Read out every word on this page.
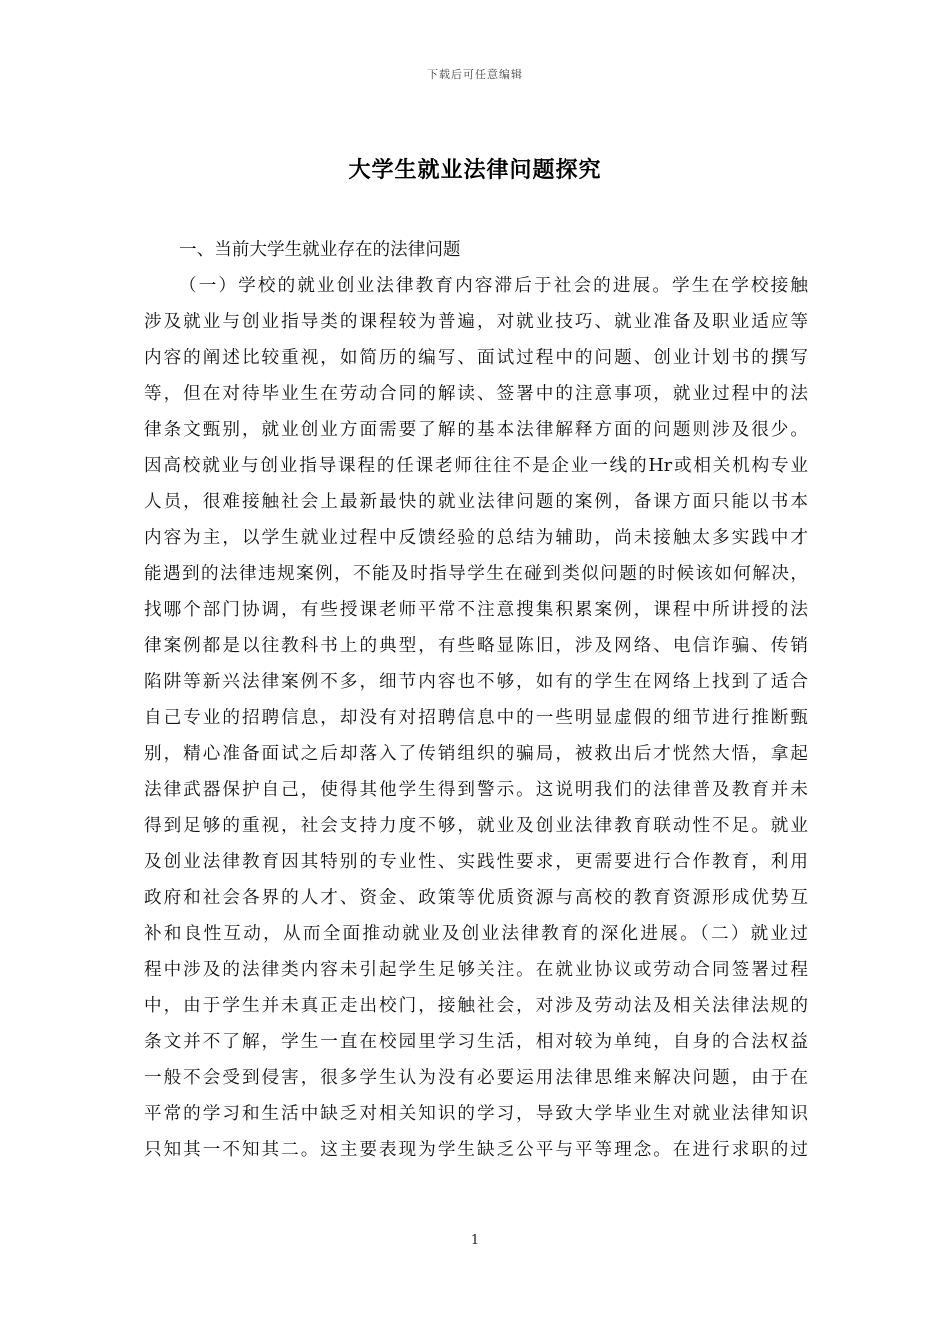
下载后可任意编辑
大学生就业法律问题探究
一、当前大学生就业存在的法律问题
（一）学校的就业创业法律教育内容滞后于社会的进展。学生在学校接触
涉及就业与创业指导类的课程较为普遍，对就业技巧、就业准备及职业适应等
内容的阐述比较重视，如简历的编写、面试过程中的问题、创业计划书的撰写
等，但在对待毕业生在劳动合同的解读、签署中的注意事项，就业过程中的法
律条文甄别，就业创业方面需要了解的基本法律解释方面的问题则涉及很少。
因高校就业与创业指导课程的任课老师往往不是企业一线的Hr或相关机构专业
人员，很难接触社会上最新最快的就业法律问题的案例，备课方面只能以书本
内容为主，以学生就业过程中反馈经验的总结为辅助，尚未接触太多实践中才
能遇到的法律违规案例，不能及时指导学生在碰到类似问题的时候该如何解决，
找哪个部门协调，有些授课老师平常不注意搜集积累案例，课程中所讲授的法
律案例都是以往教科书上的典型，有些略显陈旧，涉及网络、电信诈骗、传销
陷阱等新兴法律案例不多，细节内容也不够，如有的学生在网络上找到了适合
自己专业的招聘信息，却没有对招聘信息中的一些明显虚假的细节进行推断甄
别，精心准备面试之后却落入了传销组织的骗局，被救出后才恍然大悟，拿起
法律武器保护自己，使得其他学生得到警示。这说明我们的法律普及教育并未
得到足够的重视，社会支持力度不够，就业及创业法律教育联动性不足。就业
及创业法律教育因其特别的专业性、实践性要求，更需要进行合作教育，利用
政府和社会各界的人才、资金、政策等优质资源与高校的教育资源形成优势互
补和良性互动，从而全面推动就业及创业法律教育的深化进展。（二）就业过
程中涉及的法律类内容未引起学生足够关注。在就业协议或劳动合同签署过程
中，由于学生并未真正走出校门，接触社会，对涉及劳动法及相关法律法规的
条文并不了解，学生一直在校园里学习生活，相对较为单纯，自身的合法权益
一般不会受到侵害，很多学生认为没有必要运用法律思维来解决问题，由于在
平常的学习和生活中缺乏对相关知识的学习，导致大学毕业生对就业法律知识
只知其一不知其二。这主要表现为学生缺乏公平与平等理念。在进行求职的过
1
